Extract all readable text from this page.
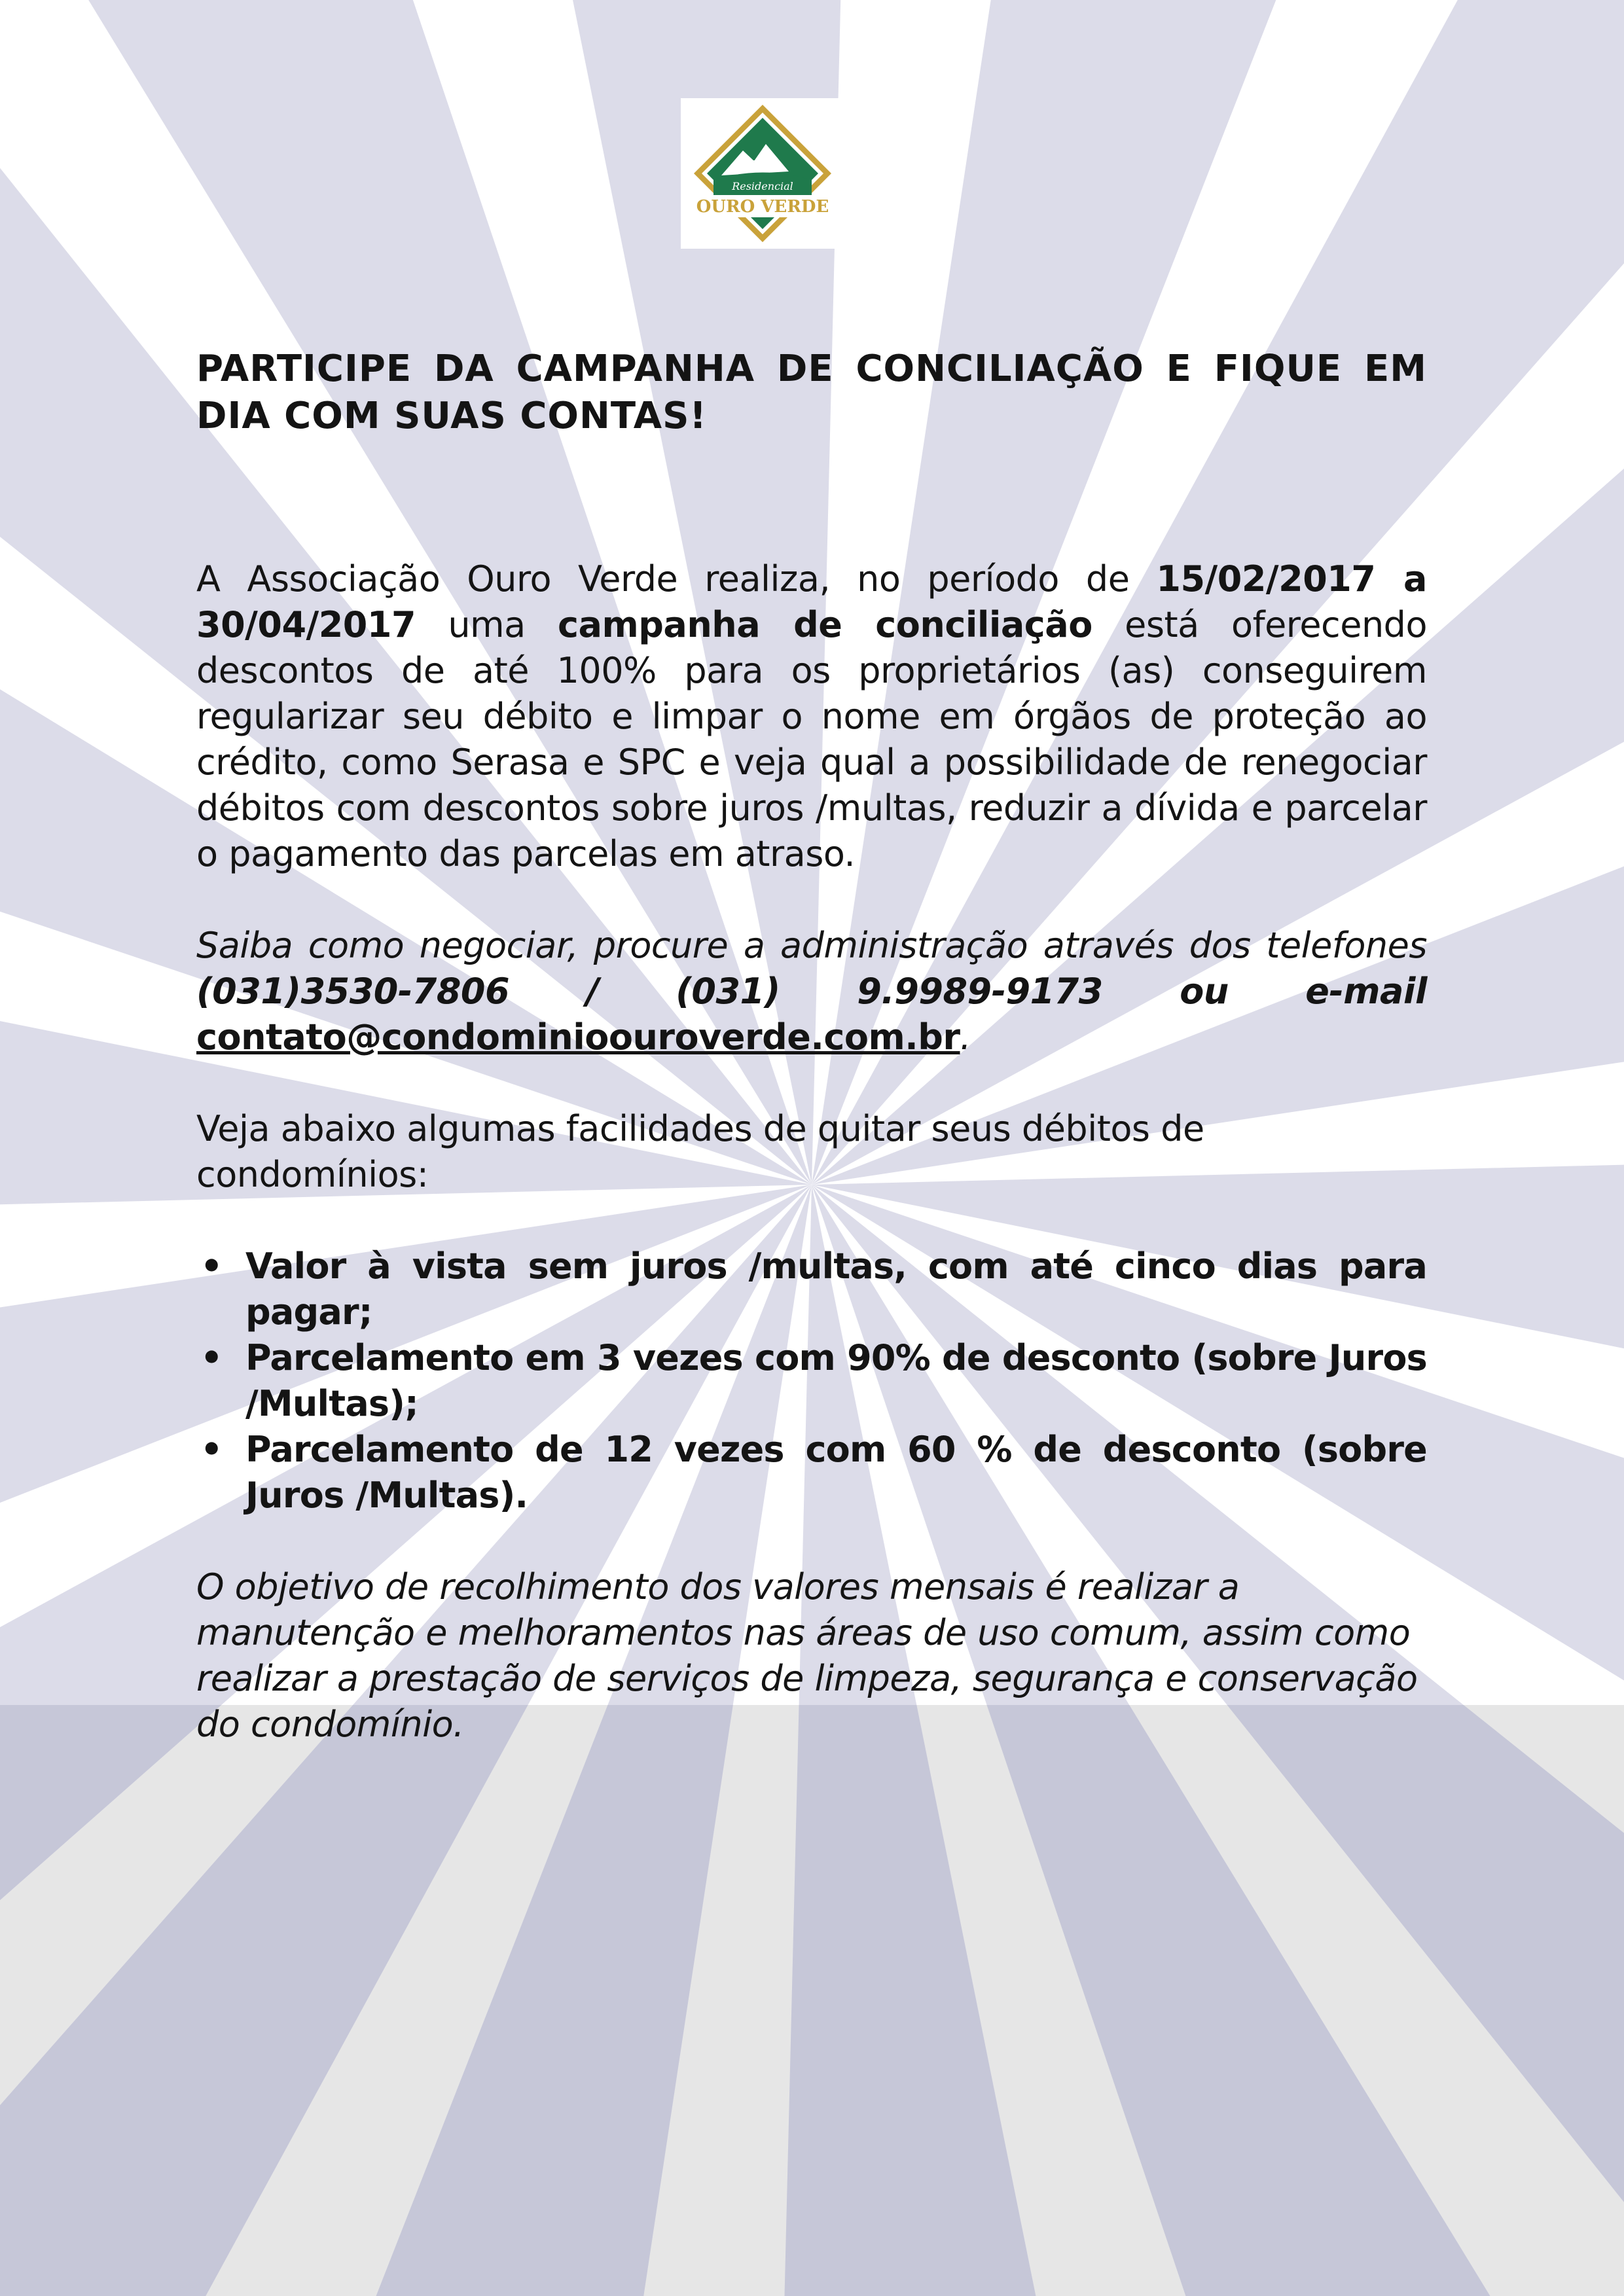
Residencial
OURO VERDE
PARTICIPE DA CAMPANHA DE CONCILIAÇÃO E FIQUE EM DIA COM SUAS CONTAS!

A Associação Ouro Verde realiza, no período de 15/02/2017 a 30/04/2017 uma campanha de conciliação está oferecendo descontos de até 100% para os proprietários (as) conseguirem regularizar seu débito e limpar o nome em órgãos de proteção ao crédito, como Serasa e SPC e veja qual a possibilidade de renegociar débitos com descontos sobre juros /multas, reduzir a dívida e parcelar o pagamento das parcelas em atraso.

Saiba como negociar, procure a administração através dos telefones
(031)3530-7806 / (031) 9.9989-9173 ou e-mail
contato@condominioouroverde.com.br.

Veja abaixo algumas facilidades de quitar seus débitos de condomínios:

• Valor à vista sem juros /multas, com até cinco dias para pagar;
• Parcelamento em 3 vezes com 90% de desconto (sobre Juros /Multas);
• Parcelamento de 12 vezes com 60 % de desconto (sobre Juros /Multas).

O objetivo de recolhimento dos valores mensais é realizar a manutenção e melhoramentos nas áreas de uso comum, assim como realizar a prestação de serviços de limpeza, segurança e conservação do condomínio.
